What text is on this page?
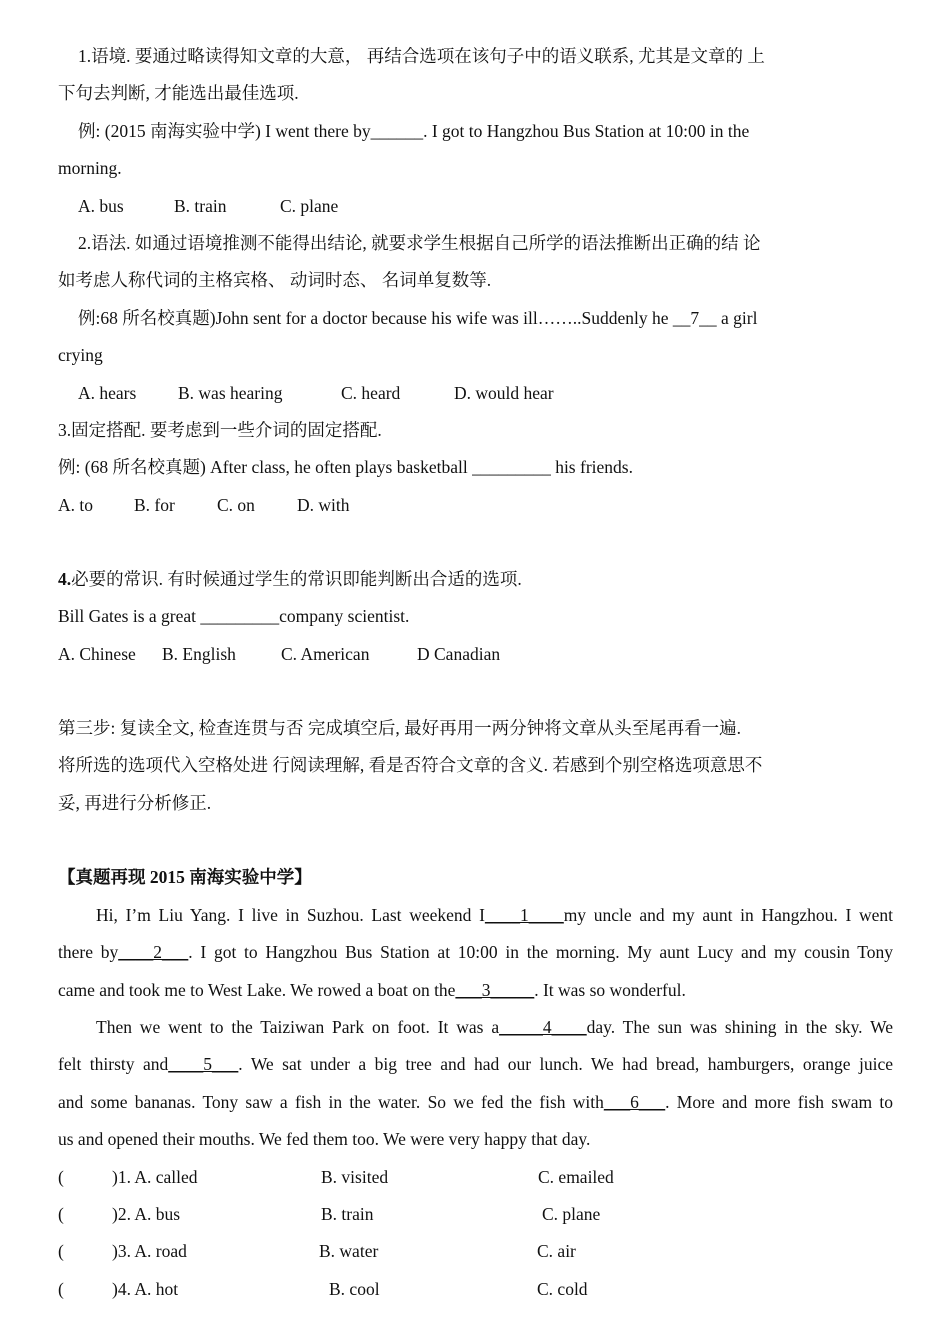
1.语境. 要通过略读得知文章的大意， 再结合选项在该句子中的语义联系, 尤其是文章的 上
下句去判断, 才能选出最佳选项.
例: (2015 南海实验中学) I went there by______. I got to Hangzhou Bus Station at 10:00 in the
morning.
A. bus	B. train	C. plane
2.语法. 如通过语境推测不能得出结论, 就要求学生根据自己所学的语法推断出正确的结 论
如考虑人称代词的主格宾格、 动词时态、 名词单复数等.
例:68 所名校真题)John sent for a doctor because his wife was ill……..Suddenly he __7__ a girl
crying
A. hears B. was hearing	C. heard	D. would hear
3.固定搭配. 要考虑到一些介词的固定搭配.
例: (68 所名校真题) After class, he often plays basketball _________ his friends.
A. to B. for C. on D. with
4.必要的常识. 有时候通过学生的常识即能判断出合适的选项.
Bill Gates is a great _________company scientist.
A. Chinese B. English	C. American	D Canadian
第三步: 复读全文, 检查连贯与否 完成填空后, 最好再用一两分钟将文章从头至尾再看一遍.
将所选的选项代入空格处进 行阅读理解, 看是否符合文章的含义. 若感到个别空格选项意思不
妥, 再进行分析修正.
【真题再现 2015 南海实验中学】
Hi, I’m Liu Yang. I live in Suzhou. Last weekend I____1____my uncle and my aunt in Hangzhou. I went
there by____2___. I got to Hangzhou Bus Station at 10:00 in the morning. My aunt Lucy and my cousin Tony
came and took me to West Lake. We rowed a boat on the___3_____. It was so wonderful.
Then we went to the Taiziwan Park on foot. It was a_____4____day. The sun was shining in the sky. We
felt thirsty and____5___. We sat under a big tree and had our lunch. We had bread, hamburgers, orange juice
and some bananas. Tony saw a fish in the water. So we fed the fish with___6___. More and more fish swam to
us and opened their mouths. We fed them too. We were very happy that day.
(	)1. A. called	B. visited	C. emailed
(	)2. A. bus	B. train	C. plane
(	)3. A. road	B. water	C. air
(	)4. A. hot	B. cool	C. cold
